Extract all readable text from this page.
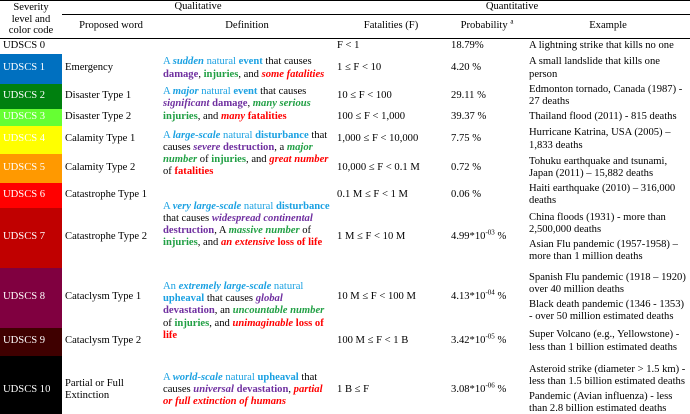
Severity level and color code	Qualitative		Quantitative		
	Proposed word	Definition	Fatalities (F)	Probability $^a$	Example
UDSCS 0			F < 1	18.79%	A lightning strike that kills no one
UDSCS 1	Emergency	A sudden natural event that causes damage, injuries, and some fatalities	1 ≤ F < 10	4.20 %	A small landslide that kills one person
UDSCS 2	Disaster Type 1	A major natural event that causes significant damage, many serious injuries, and many fatalities	10 ≤ F < 100	29.11 %	Edmonton tornado, Canada (1987) - 27 deaths
UDSCS 3	Disaster Type 2		100 ≤ F < 1,000	39.37 %	Thailand flood (2011) - 815 deaths
UDSCS 4	Calamity Type 1	A large-scale natural disturbance that causes severe destruction, a major number of injuries, and great number of fatalities	1,000 ≤ F < 10,000	7.75 %	Hurricane Katrina, USA (2005) – 1,833 deaths
UDSCS 5	Calamity Type 2		10,000 ≤ F < 0.1 M	0.72 %	Tohuku earthquake and tsunami, Japan (2011) – 15,882 deaths
UDSCS 6	Catastrophe Type 1	A very large-scale natural disturbance that causes widespread continental destruction, A massive number of injuries, and an extensive loss of life	0.1 M ≤ F < 1 M	0.06 %	Haiti earthquake (2010) – 316,000 deaths
UDSCS 7	Catastrophe Type 2		1 M ≤ F < 10 M	$4.99*10^{-03}$ %	China floods (1931) - more than 2,500,000 deaths

Asian Flu pandemic (1957-1958) – more than 1 million deaths

UDSCS 8	Cataclysm Type 1	An extremely large-scale natural upheaval that causes global devastation, an uncountable number of injuries, and unimaginable loss of life	10 M ≤ F < 100 M	$4.13*10^{-04}$ %	Spanish Flu pandemic (1918 – 1920) over 40 million deaths

Black death pandemic (1346 - 1353) - over 50 million estimated deaths

UDSCS 9	Cataclysm Type 2		100 M ≤ F < 1 B	$3.42*10^{-05}$ %	Super Volcano (e.g., Yellowstone) - less than 1 billion estimated deaths
UDSCS 10	Partial or Full Extinction	A world-scale natural upheaval that causes universal devastation, partial or full extinction of humans	1 B ≤ F	$3.08*10^{-06}$ %	Asteroid strike (diameter > 1.5 km) - less than 1.5 billion estimated deaths

Pandemic (Avian influenza) - less than 2.8 billion estimated deaths
